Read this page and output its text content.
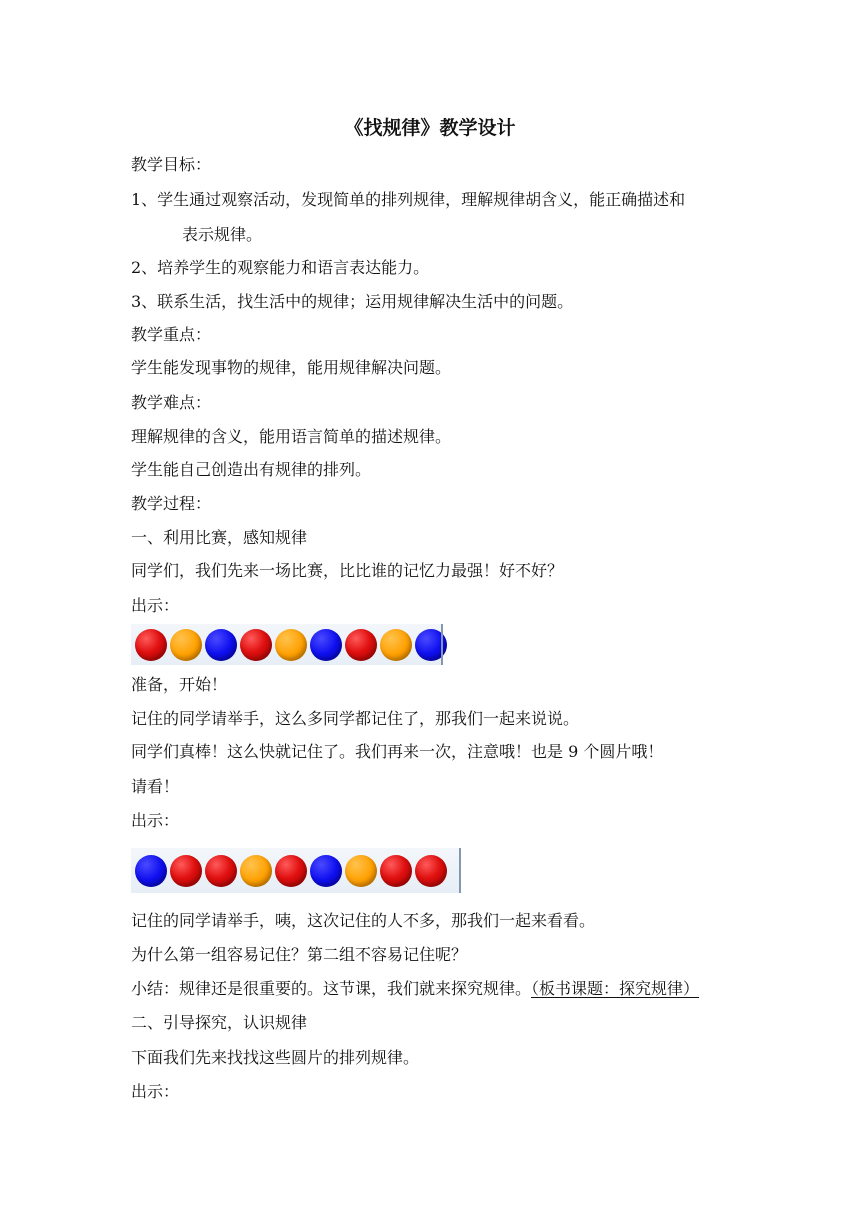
《找规律》教学设计
教学目标：
1、学生通过观察活动，发现简单的排列规律，理解规律胡含义，能正确描述和
表示规律。
2、培养学生的观察能力和语言表达能力。
3、联系生活，找生活中的规律；运用规律解决生活中的问题。
教学重点：
学生能发现事物的规律，能用规律解决问题。
教学难点：
理解规律的含义，能用语言简单的描述规律。
学生能自己创造出有规律的排列。
教学过程：
一、利用比赛，感知规律
同学们，我们先来一场比赛，比比谁的记忆力最强！好不好？
出示：
准备，开始！
记住的同学请举手，这么多同学都记住了，那我们一起来说说。
同学们真棒！这么快就记住了。我们再来一次，注意哦！也是 9 个圆片哦！
请看！
出示：
记住的同学请举手，咦，这次记住的人不多，那我们一起来看看。
为什么第一组容易记住？第二组不容易记住呢？
小结：规律还是很重要的。这节课，我们就来探究规律。（板书课题：探究规律）
二、引导探究，认识规律
下面我们先来找找这些圆片的排列规律。
出示：
